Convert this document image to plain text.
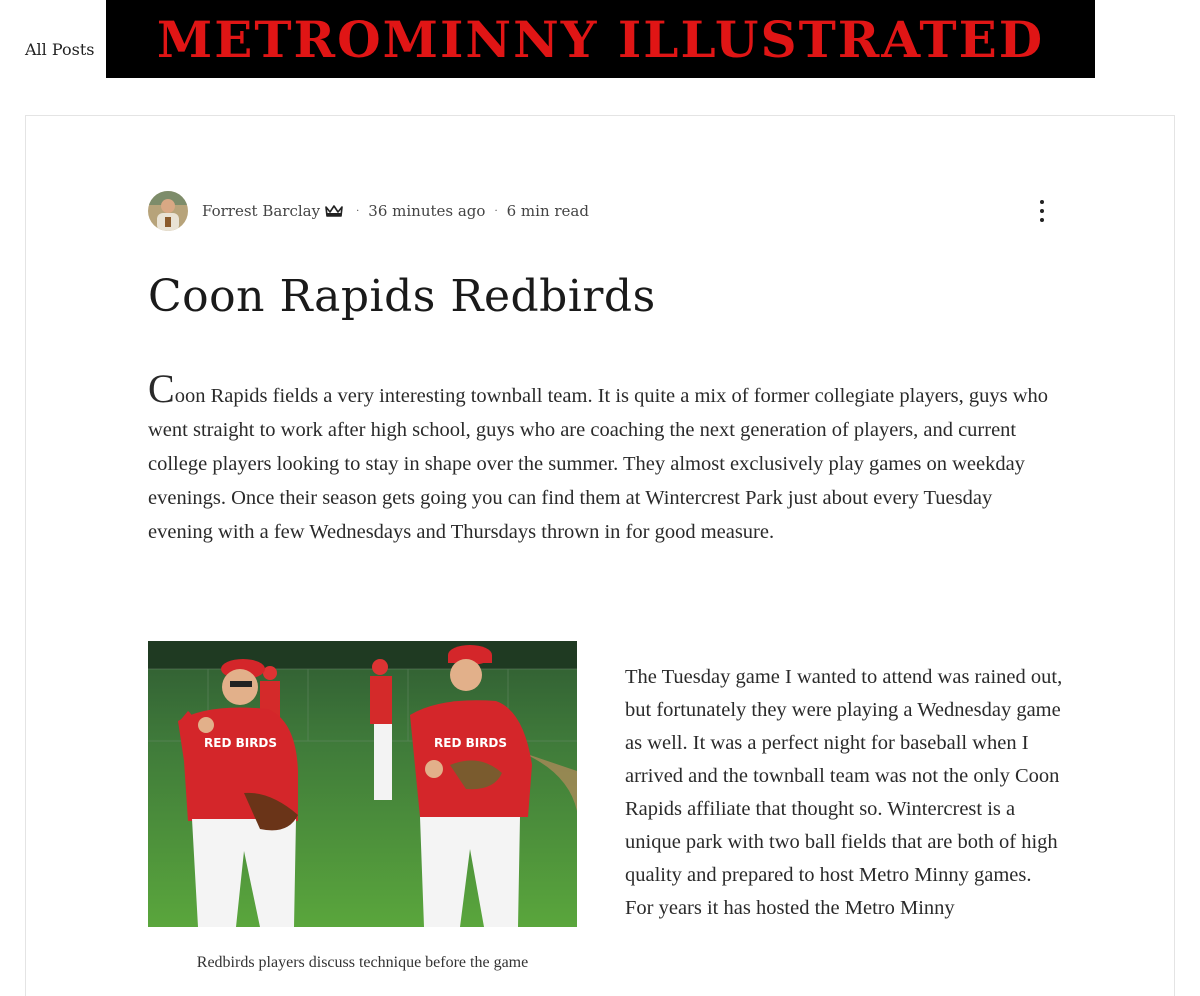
All Posts METROMINNY ILLUSTRATED
Forrest Barclay	· 36 minutes ago · 6 min read
Coon Rapids Redbirds

Coon Rapids fields a very interesting townball team. It is quite a mix of former collegiate players, guys who went straight to work after high school, guys who are coaching the next generation of players, and current college players looking to stay in shape over the summer. They almost exclusively play games on weekday evenings. Once their season gets going you can find them at Wintercrest Park just about every Tuesday evening with a few Wednesdays and Thursdays thrown in for good measure.

RED BIRDS	RED BIRDS
Redbirds players discuss technique before the game

The Tuesday game I wanted to attend was rained out, but fortunately they were playing a Wednesday game as well. It was a perfect night for baseball when I arrived and the townball team was not the only Coon Rapids affiliate that thought so. Wintercrest is a unique park with two ball fields that are both of high quality and prepared to host Metro Minny games. For years it has hosted the Metro Minny
